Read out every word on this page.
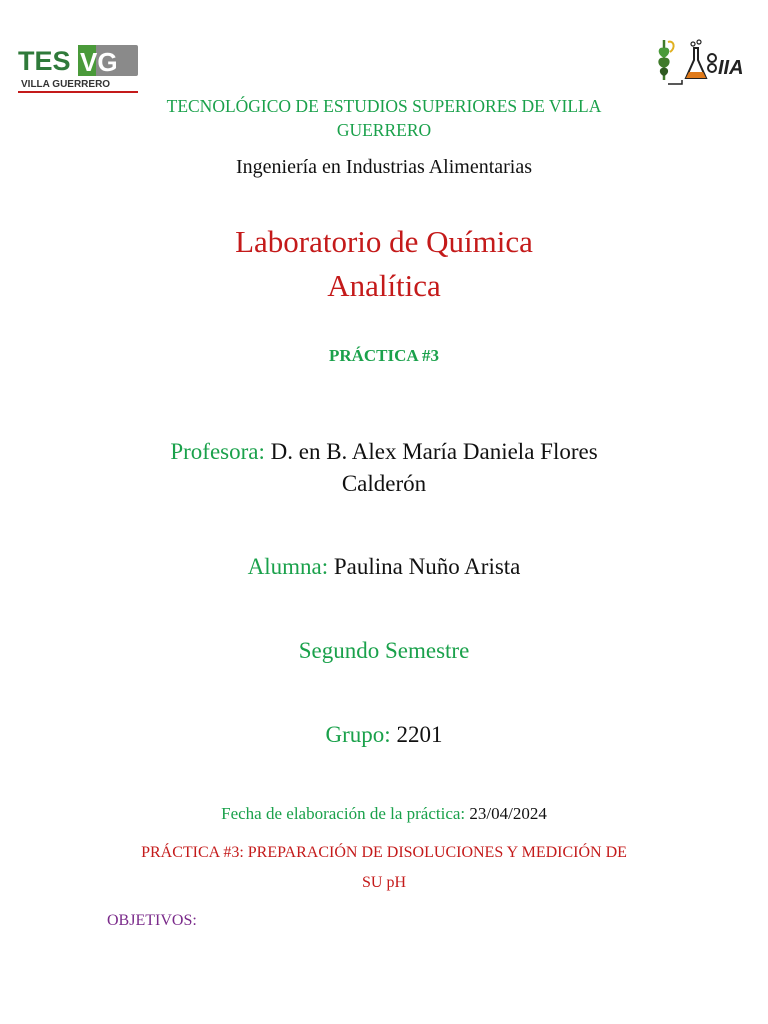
TES VG
VILLA GUERRERO
IIA
TECNOLÓGICO DE ESTUDIOS SUPERIORES DE VILLA
GUERRERO
Ingeniería en Industrias Alimentarias
Laboratorio de Química
Analítica
PRÁCTICA #3
Profesora: D. en B. Alex María Daniela Flores
Calderón
Alumna: Paulina Nuño Arista
Segundo Semestre
Grupo: 2201
Fecha de elaboración de la práctica: 23/04/2024
PRÁCTICA #3: PREPARACIÓN DE DISOLUCIONES Y MEDICIÓN DE
SU pH
OBJETIVOS:
